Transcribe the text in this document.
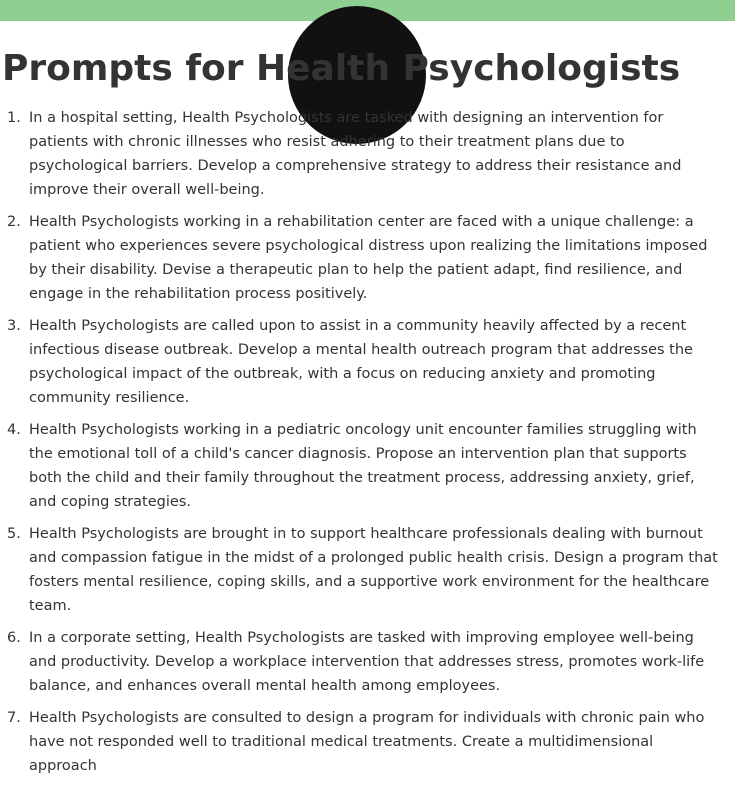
Prompts for Health Psychologists
1. In a hospital setting, Health Psychologists are tasked with designing an intervention for patients with chronic illnesses who resist adhering to their treatment plans due to psychological barriers. Develop a comprehensive strategy to address their resistance and improve their overall well-being.
2. Health Psychologists working in a rehabilitation center are faced with a unique challenge: a patient who experiences severe psychological distress upon realizing the limitations imposed by their disability. Devise a therapeutic plan to help the patient adapt, find resilience, and engage in the rehabilitation process positively.
3. Health Psychologists are called upon to assist in a community heavily affected by a recent infectious disease outbreak. Develop a mental health outreach program that addresses the psychological impact of the outbreak, with a focus on reducing anxiety and promoting community resilience.
4. Health Psychologists working in a pediatric oncology unit encounter families struggling with the emotional toll of a child's cancer diagnosis. Propose an intervention plan that supports both the child and their family throughout the treatment process, addressing anxiety, grief, and coping strategies.
5. Health Psychologists are brought in to support healthcare professionals dealing with burnout and compassion fatigue in the midst of a prolonged public health crisis. Design a program that fosters mental resilience, coping skills, and a supportive work environment for the healthcare team.
6. In a corporate setting, Health Psychologists are tasked with improving employee well-being and productivity. Develop a workplace intervention that addresses stress, promotes work-life balance, and enhances overall mental health among employees.
7. Health Psychologists are consulted to design a program for individuals with chronic pain who have not responded well to traditional medical treatments. Create a multidimensional approach
